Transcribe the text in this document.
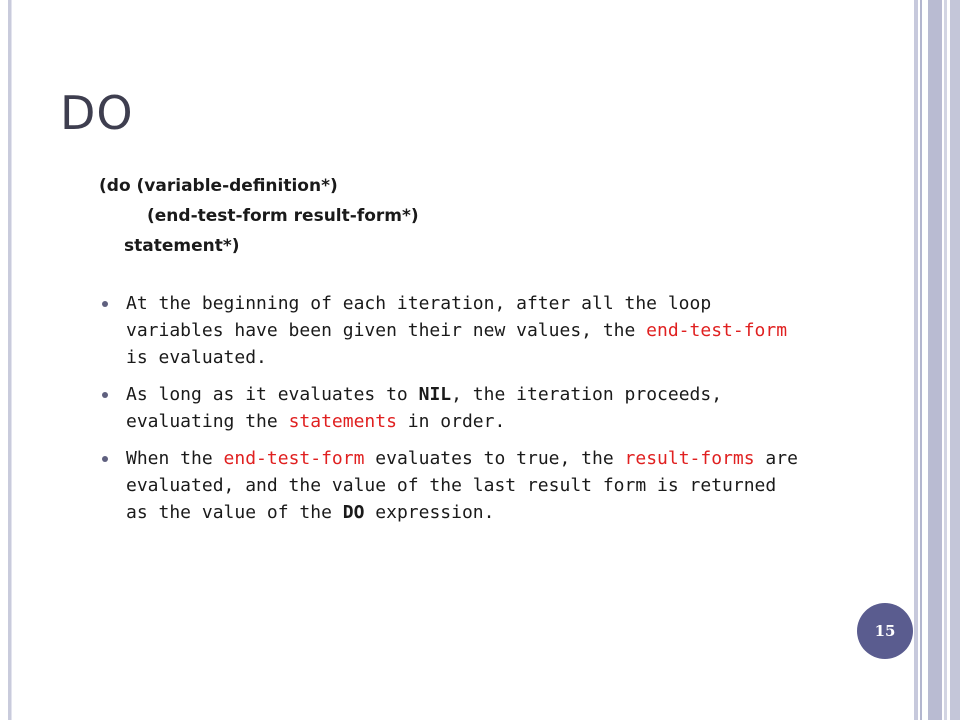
DO
(do (variable-definition*)
(end-test-form result-form*)
statement*)
At the beginning of each iteration, after all the loop variables have been given their new values, the end-test-form is evaluated.
As long as it evaluates to NIL, the iteration proceeds, evaluating the statements in order.
When the end-test-form evaluates to true, the result-forms are evaluated, and the value of the last result form is returned as the value of the DO expression.
15
